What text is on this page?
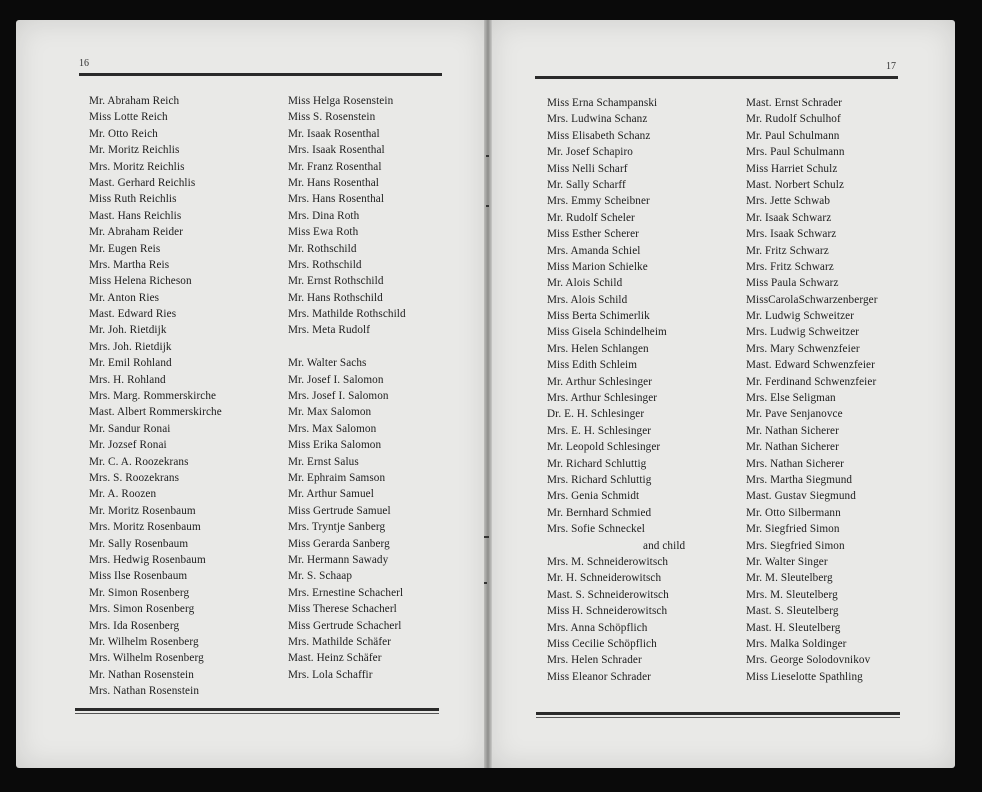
16	17
Mr. Abraham Reich
Miss Lotte Reich
Mr. Otto Reich
Mr. Moritz Reichlis
Mrs. Moritz Reichlis
Mast. Gerhard Reichlis
Miss Ruth Reichlis
Mast. Hans Reichlis
Mr. Abraham Reider
Mr. Eugen Reis
Mrs. Martha Reis
Miss Helena Richeson
Mr. Anton Ries
Mast. Edward Ries
Mr. Joh. Rietdijk
Mrs. Joh. Rietdijk
Mr. Emil Rohland
Mrs. H. Rohland
Mrs. Marg. Rommerskirche
Mast. Albert Rommerskirche
Mr. Sandur Ronai
Mr. Jozsef Ronai
Mr. C. A. Roozekrans
Mrs. S. Roozekrans
Mr. A. Roozen
Mr. Moritz Rosenbaum
Mrs. Moritz Rosenbaum
Mr. Sally Rosenbaum
Mrs. Hedwig Rosenbaum
Miss Ilse Rosenbaum
Mr. Simon Rosenberg
Mrs. Simon Rosenberg
Mrs. Ida Rosenberg
Mr. Wilhelm Rosenberg
Mrs. Wilhelm Rosenberg
Mr. Nathan Rosenstein
Mrs. Nathan Rosenstein
Miss Helga Rosenstein
Miss S. Rosenstein
Mr. Isaak Rosenthal
Mrs. Isaak Rosenthal
Mr. Franz Rosenthal
Mr. Hans Rosenthal
Mrs. Hans Rosenthal
Mrs. Dina Roth
Miss Ewa Roth
Mr. Rothschild
Mrs. Rothschild
Mr. Ernst Rothschild
Mr. Hans Rothschild
Mrs. Mathilde Rothschild
Mrs. Meta Rudolf
Mr. Walter Sachs
Mr. Josef I. Salomon
Mrs. Josef I. Salomon
Mr. Max Salomon
Mrs. Max Salomon
Miss Erika Salomon
Mr. Ernst Salus
Mr. Ephraim Samson
Mr. Arthur Samuel
Miss Gertrude Samuel
Mrs. Tryntje Sanberg
Miss Gerarda Sanberg
Mr. Hermann Sawady
Mr. S. Schaap
Mrs. Ernestine Schacherl
Miss Therese Schacherl
Miss Gertrude Schacherl
Mrs. Mathilde Schäfer
Mast. Heinz Schäfer
Mrs. Lola Schaffir
Miss Erna Schampanski
Mrs. Ludwina Schanz
Miss Elisabeth Schanz
Mr. Josef Schapiro
Miss Nelli Scharf
Mr. Sally Scharff
Mrs. Emmy Scheibner
Mr. Rudolf Scheler
Miss Esther Scherer
Mrs. Amanda Schiel
Miss Marion Schielke
Mr. Alois Schild
Mrs. Alois Schild
Miss Berta Schimerlik
Miss Gisela Schindelheim
Mrs. Helen Schlangen
Miss Edith Schleim
Mr. Arthur Schlesinger
Mrs. Arthur Schlesinger
Dr. E. H. Schlesinger
Mrs. E. H. Schlesinger
Mr. Leopold Schlesinger
Mr. Richard Schluttig
Mrs. Richard Schluttig
Mrs. Genia Schmidt
Mr. Bernhard Schmied
Mrs. Sofie Schneckel
and child
Mrs. M. Schneiderowitsch
Mr. H. Schneiderowitsch
Mast. S. Schneiderowitsch
Miss H. Schneiderowitsch
Mrs. Anna Schöpflich
Miss Cecilie Schöpflich
Mrs. Helen Schrader
Miss Eleanor Schrader
Mast. Ernst Schrader
Mr. Rudolf Schulhof
Mr. Paul Schulmann
Mrs. Paul Schulmann
Miss Harriet Schulz
Mast. Norbert Schulz
Mrs. Jette Schwab
Mr. Isaak Schwarz
Mrs. Isaak Schwarz
Mr. Fritz Schwarz
Mrs. Fritz Schwarz
Miss Paula Schwarz
MissCarolaSchwarzenberger
Mr. Ludwig Schweitzer
Mrs. Ludwig Schweitzer
Mrs. Mary Schwenzfeier
Mast. Edward Schwenzfeier
Mr. Ferdinand Schwenzfeier
Mrs. Else Seligman
Mr. Pave Senjanovce
Mr. Nathan Sicherer
Mr. Nathan Sicherer
Mrs. Nathan Sicherer
Mrs. Martha Siegmund
Mast. Gustav Siegmund
Mr. Otto Silbermann
Mr. Siegfried Simon
Mrs. Siegfried Simon
Mr. Walter Singer
Mr. M. Sleutelberg
Mrs. M. Sleutelberg
Mast. S. Sleutelberg
Mast. H. Sleutelberg
Mrs. Malka Soldinger
Mrs. George Solodovnikov
Miss Lieselotte Spathling
